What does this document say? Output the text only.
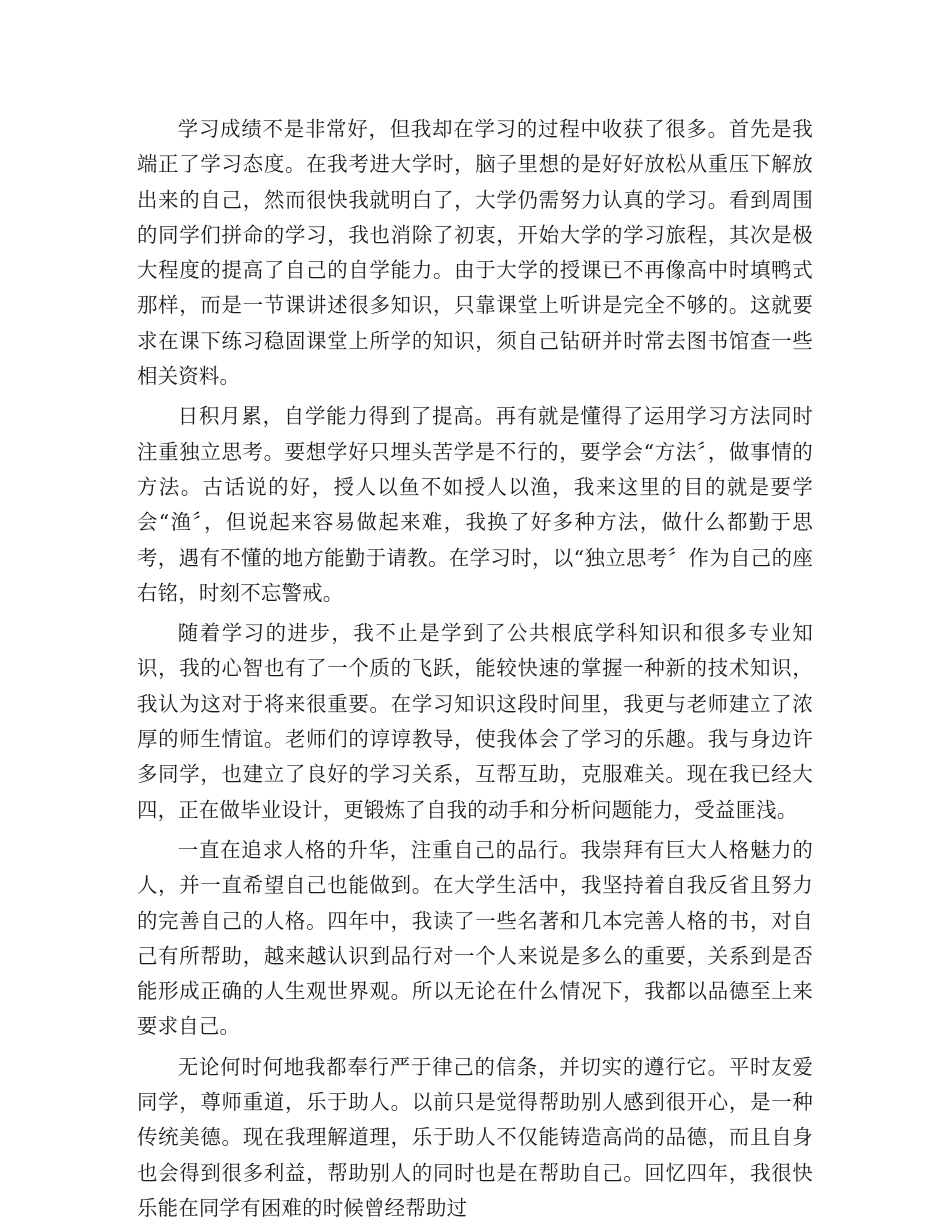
学习成绩不是非常好，但我却在学习的过程中收获了很多。首先是我端正了学习态度。在我考进大学时，脑子里想的是好好放松从重压下解放出来的自己，然而很快我就明白了，大学仍需努力认真的学习。看到周围的同学们拼命的学习，我也消除了初衷，开始大学的学习旅程，其次是极大程度的提高了自己的自学能力。由于大学的授课已不再像高中时填鸭式那样，而是一节课讲述很多知识，只靠课堂上听讲是完全不够的。这就要求在课下练习稳固课堂上所学的知识，须自己钻研并时常去图书馆查一些相关资料。

日积月累，自学能力得到了提高。再有就是懂得了运用学习方法同时注重独立思考。要想学好只埋头苦学是不行的，要学会“方法〞，做事情的方法。古话说的好，授人以鱼不如授人以渔，我来这里的目的就是要学会“渔〞，但说起来容易做起来难，我换了好多种方法，做什么都勤于思考，遇有不懂的地方能勤于请教。在学习时，以“独立思考〞作为自己的座右铭，时刻不忘警戒。

随着学习的进步，我不止是学到了公共根底学科知识和很多专业知识，我的心智也有了一个质的飞跃，能较快速的掌握一种新的技术知识，我认为这对于将来很重要。在学习知识这段时间里，我更与老师建立了浓厚的师生情谊。老师们的谆谆教导，使我体会了学习的乐趣。我与身边许多同学，也建立了良好的学习关系，互帮互助，克服难关。现在我已经大四，正在做毕业设计，更锻炼了自我的动手和分析问题能力，受益匪浅。

一直在追求人格的升华，注重自己的品行。我崇拜有巨大人格魅力的人，并一直希望自己也能做到。在大学生活中，我坚持着自我反省且努力的完善自己的人格。四年中，我读了一些名著和几本完善人格的书，对自己有所帮助，越来越认识到品行对一个人来说是多么的重要，关系到是否能形成正确的人生观世界观。所以无论在什么情况下，我都以品德至上来要求自己。

无论何时何地我都奉行严于律己的信条，并切实的遵行它。平时友爱同学，尊师重道，乐于助人。以前只是觉得帮助别人感到很开心，是一种传统美德。现在我理解道理，乐于助人不仅能铸造高尚的品德，而且自身也会得到很多利益，帮助别人的同时也是在帮助自己。回忆四年，我很快乐能在同学有困难的时候曾经帮助过
